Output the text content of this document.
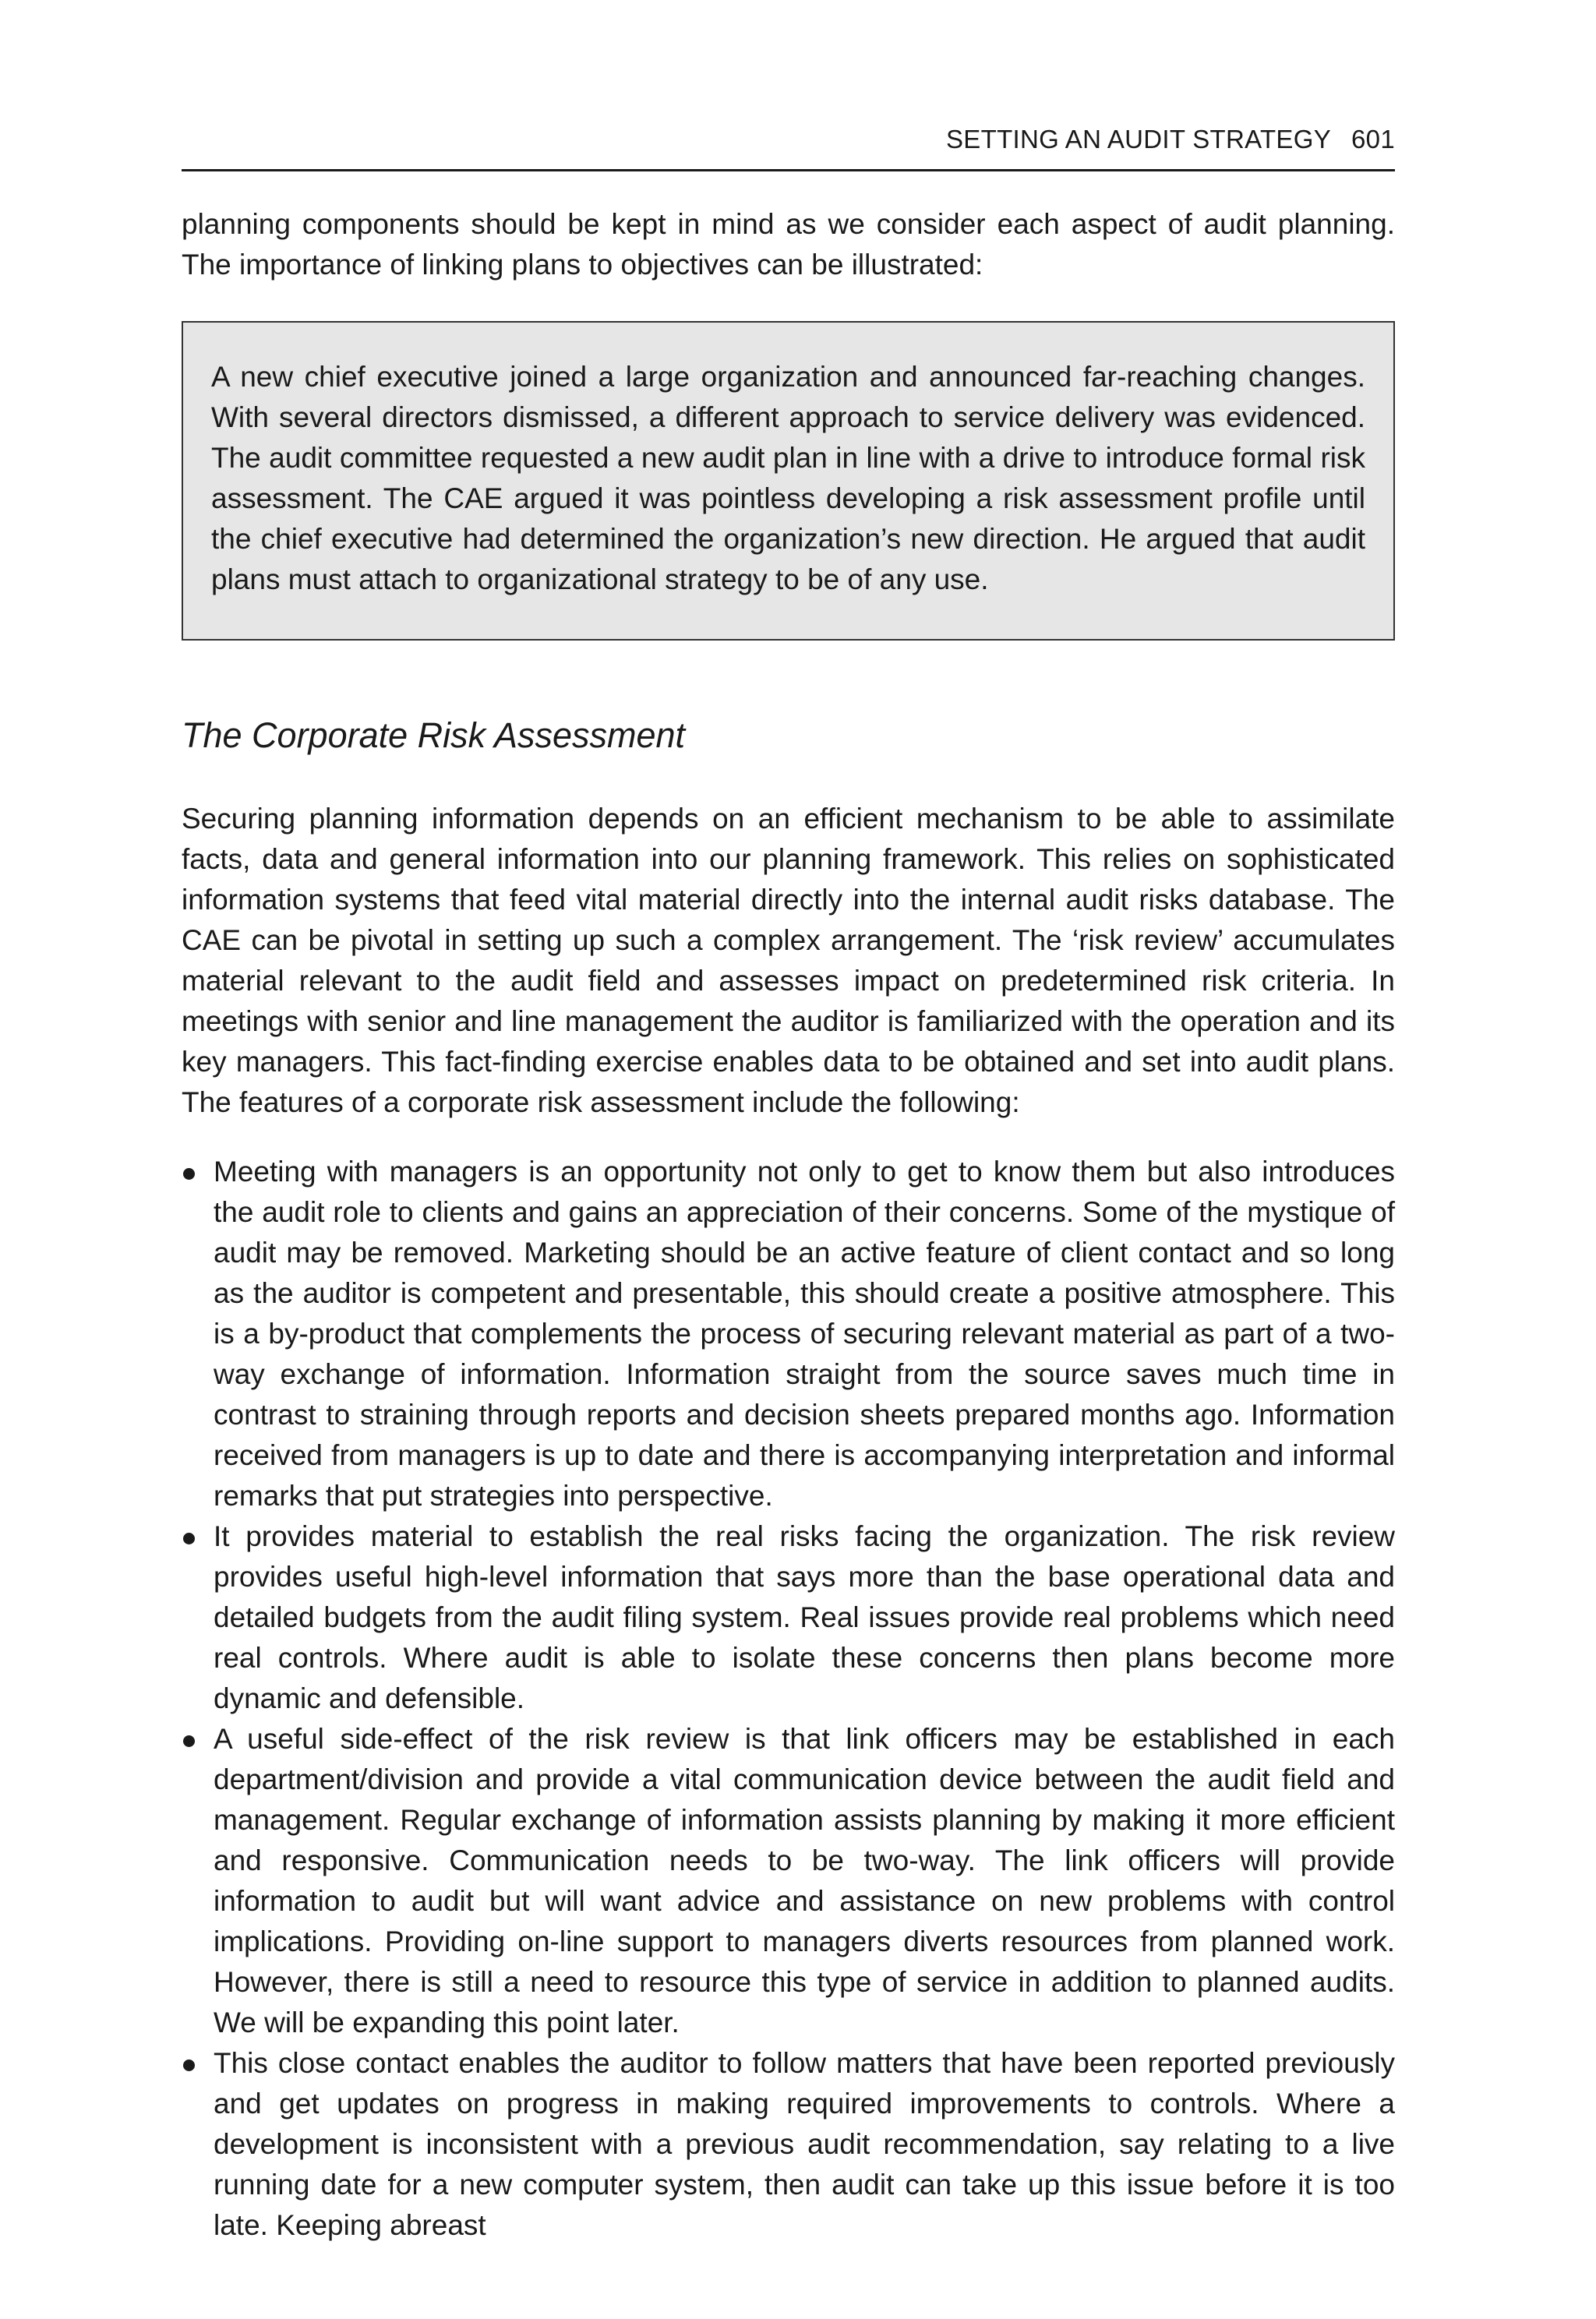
SETTING AN AUDIT STRATEGY 601

planning components should be kept in mind as we consider each aspect of audit planning. The importance of linking plans to objectives can be illustrated:

A new chief executive joined a large organization and announced far-reaching changes. With several directors dismissed, a different approach to service delivery was evidenced. The audit committee requested a new audit plan in line with a drive to introduce formal risk assessment. The CAE argued it was pointless developing a risk assessment profile until the chief executive had determined the organization’s new direction. He argued that audit plans must attach to organizational strategy to be of any use.

The Corporate Risk Assessment

Securing planning information depends on an efficient mechanism to be able to assimilate facts, data and general information into our planning framework. This relies on sophisticated information systems that feed vital material directly into the internal audit risks database. The CAE can be pivotal in setting up such a complex arrangement. The ‘risk review’ accumulates material relevant to the audit field and assesses impact on predetermined risk criteria. In meetings with senior and line management the auditor is familiarized with the operation and its key managers. This fact-finding exercise enables data to be obtained and set into audit plans. The features of a corporate risk assessment include the following:

Meeting with managers is an opportunity not only to get to know them but also introduces the audit role to clients and gains an appreciation of their concerns. Some of the mystique of audit may be removed. Marketing should be an active feature of client contact and so long as the auditor is competent and presentable, this should create a positive atmosphere. This is a by-product that complements the process of securing relevant material as part of a two-way exchange of information. Information straight from the source saves much time in contrast to straining through reports and decision sheets prepared months ago. Information received from managers is up to date and there is accompanying interpretation and informal remarks that put strategies into perspective.
It provides material to establish the real risks facing the organization. The risk review provides useful high-level information that says more than the base operational data and detailed budgets from the audit filing system. Real issues provide real problems which need real controls. Where audit is able to isolate these concerns then plans become more dynamic and defensible.
A useful side-effect of the risk review is that link officers may be established in each department/division and provide a vital communication device between the audit field and management. Regular exchange of information assists planning by making it more efficient and responsive. Communication needs to be two-way. The link officers will provide information to audit but will want advice and assistance on new problems with control implications. Providing on-line support to managers diverts resources from planned work. However, there is still a need to resource this type of service in addition to planned audits. We will be expanding this point later.
This close contact enables the auditor to follow matters that have been reported previously and get updates on progress in making required improvements to controls. Where a development is inconsistent with a previous audit recommendation, say relating to a live running date for a new computer system, then audit can take up this issue before it is too late. Keeping abreast
